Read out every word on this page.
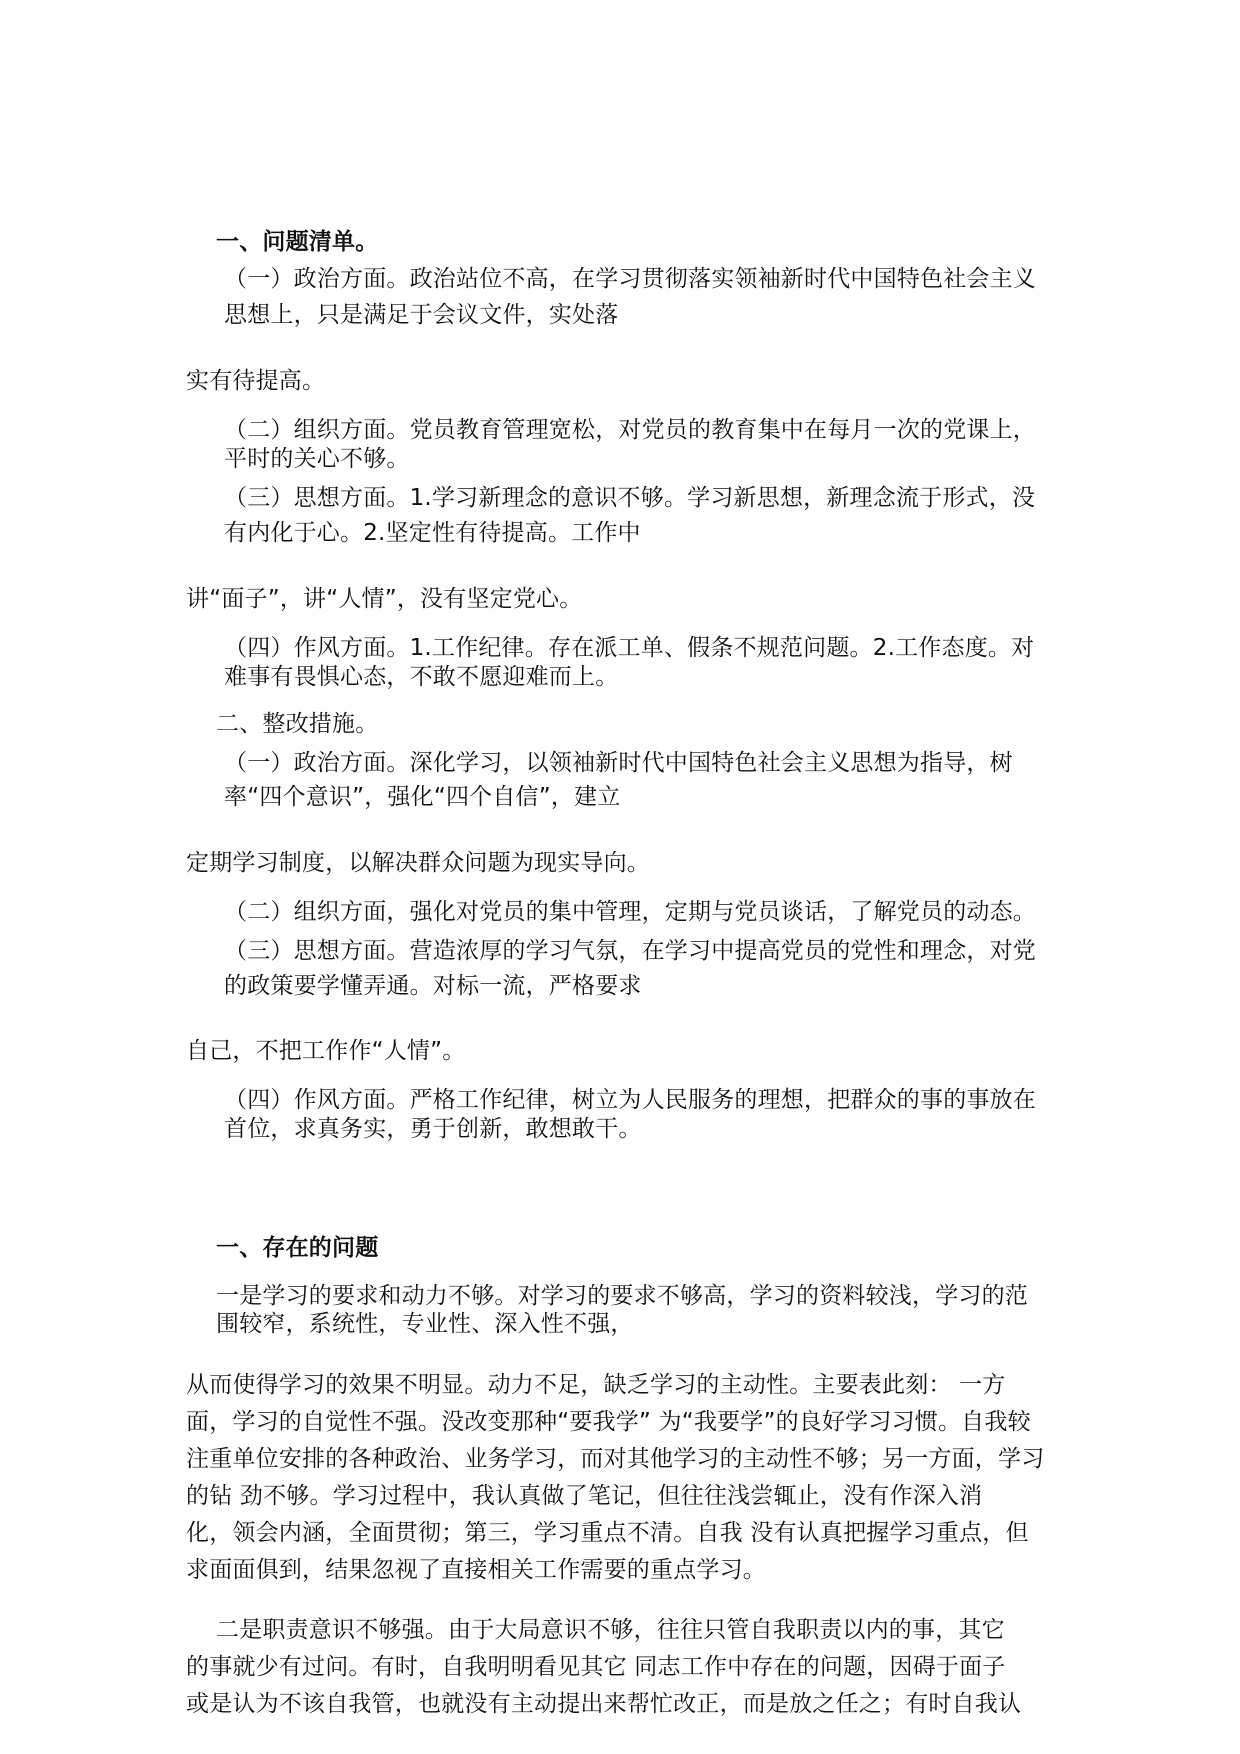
一、问题清单。
（一）政治方面。政治站位不高，在学习贯彻落实领袖新时代中国特色社会主义
思想上，只是满足于会议文件，实处落
实有待提高。
（二）组织方面。党员教育管理宽松，对党员的教育集中在每月一次的党课上，
平时的关心不够。
（三）思想方面。1.学习新理念的意识不够。学习新思想，新理念流于形式，没
有内化于心。2.坚定性有待提高。工作中
讲“面子”，讲“人情”，没有坚定党心。
（四）作风方面。1.工作纪律。存在派工单、假条不规范问题。2.工作态度。对
难事有畏惧心态，不敢不愿迎难而上。
二、整改措施。
（一）政治方面。深化学习，以领袖新时代中国特色社会主义思想为指导，树
率“四个意识”，强化“四个自信”，建立
定期学习制度，以解决群众问题为现实导向。
（二）组织方面，强化对党员的集中管理，定期与党员谈话，了解党员的动态。
（三）思想方面。营造浓厚的学习气氛，在学习中提高党员的党性和理念，对党
的政策要学懂弄通。对标一流，严格要求
自己，不把工作作“人情”。
（四）作风方面。严格工作纪律，树立为人民服务的理想，把群众的事的事放在
首位，求真务实，勇于创新，敢想敢干。
一、存在的问题
一是学习的要求和动力不够。对学习的要求不够高，学习的资料较浅，学习的范
围较窄，系统性，专业性、深入性不强，
从而使得学习的效果不明显。动力不足，缺乏学习的主动性。主要表此刻： 一方
面，学习的自觉性不强。没改变那种“要我学” 为“我要学”的良好学习习惯。自我较
注重单位安排的各种政治、业务学习，而对其他学习的主动性不够；另一方面，学习
的钻 劲不够。学习过程中，我认真做了笔记，但往往浅尝辄止，没有作深入消
化，领会内涵，全面贯彻；第三，学习重点不清。自我 没有认真把握学习重点，但
求面面俱到，结果忽视了直接相关工作需要的重点学习。
二是职责意识不够强。由于大局意识不够，往往只管自我职责以内的事，其它
的事就少有过问。有时，自我明明看见其它 同志工作中存在的问题，因碍于面子
或是认为不该自我管，也就没有主动提出来帮忙改正，而是放之任之；有时自我认
